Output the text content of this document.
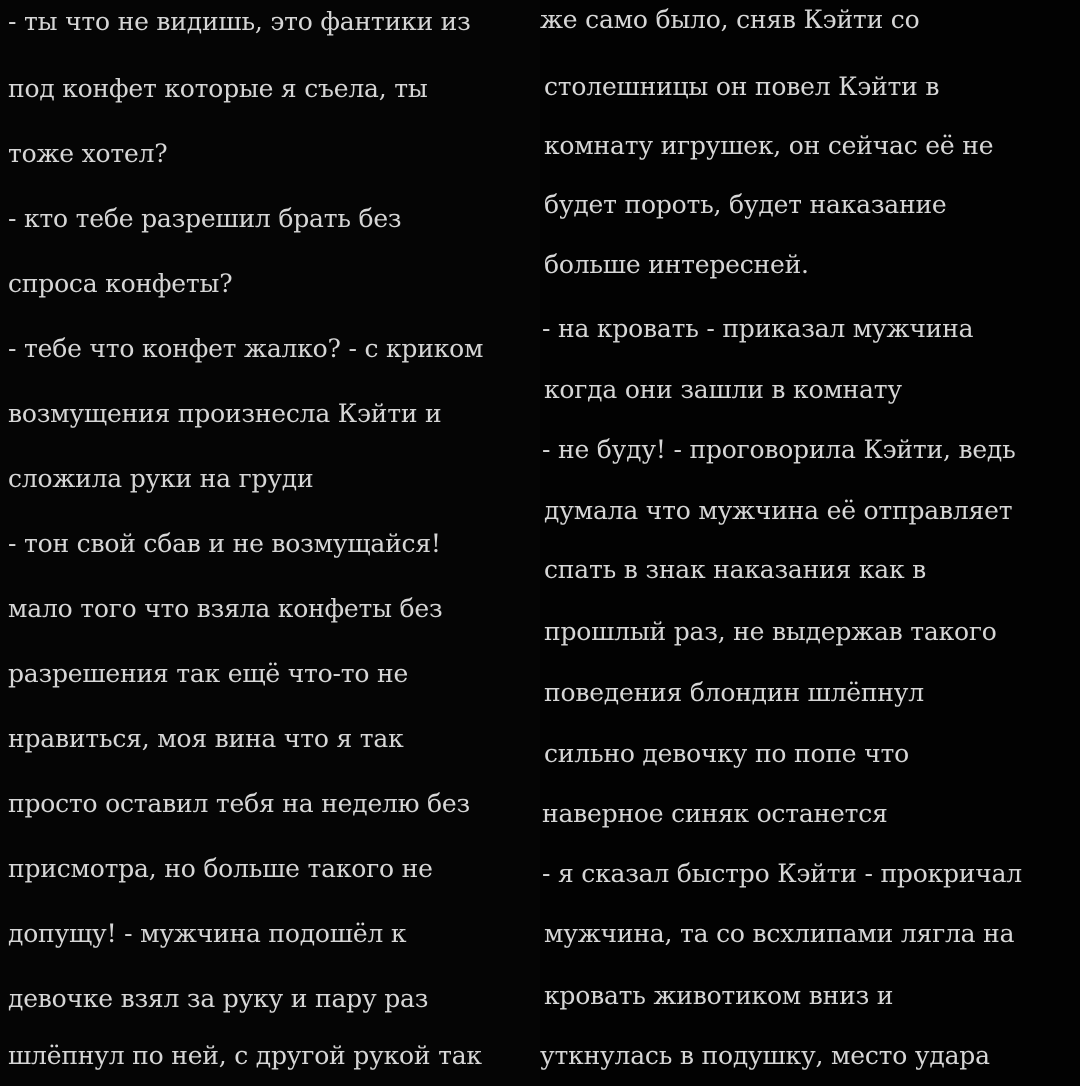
- ты что не видишь, это фантики из
под конфет которые я съела, ты
тоже хотел?
- кто тебе разрешил брать без
спроса конфеты?
- тебе что конфет жалко? - с криком
возмущения произнесла Кэйти и
сложила руки на груди
- тон свой сбав и не возмущайся!
мало того что взяла конфеты без
разрешения так ещё что-то не
нравиться, моя вина что я так
просто оставил тебя на неделю без
присмотра, но больше такого не
допущу! - мужчина подошёл к
девочке взял за руку и пару раз
шлёпнул по ней, с другой рукой так
же само было, сняв Кэйти со
столешницы он повел Кэйти в
комнату игрушек, он сейчас её не
будет пороть, будет наказание
больше интересней.
- на кровать - приказал мужчина
когда они зашли в комнату
- не буду! - проговорила Кэйти, ведь
думала что мужчина её отправляет
спать в знак наказания как в
прошлый раз, не выдержав такого
поведения блондин шлёпнул
сильно девочку по попе что
наверное синяк останется
- я сказал быстро Кэйти - прокричал
мужчина, та со всхлипами лягла на
кровать животиком вниз и
уткнулась в подушку, место удара
